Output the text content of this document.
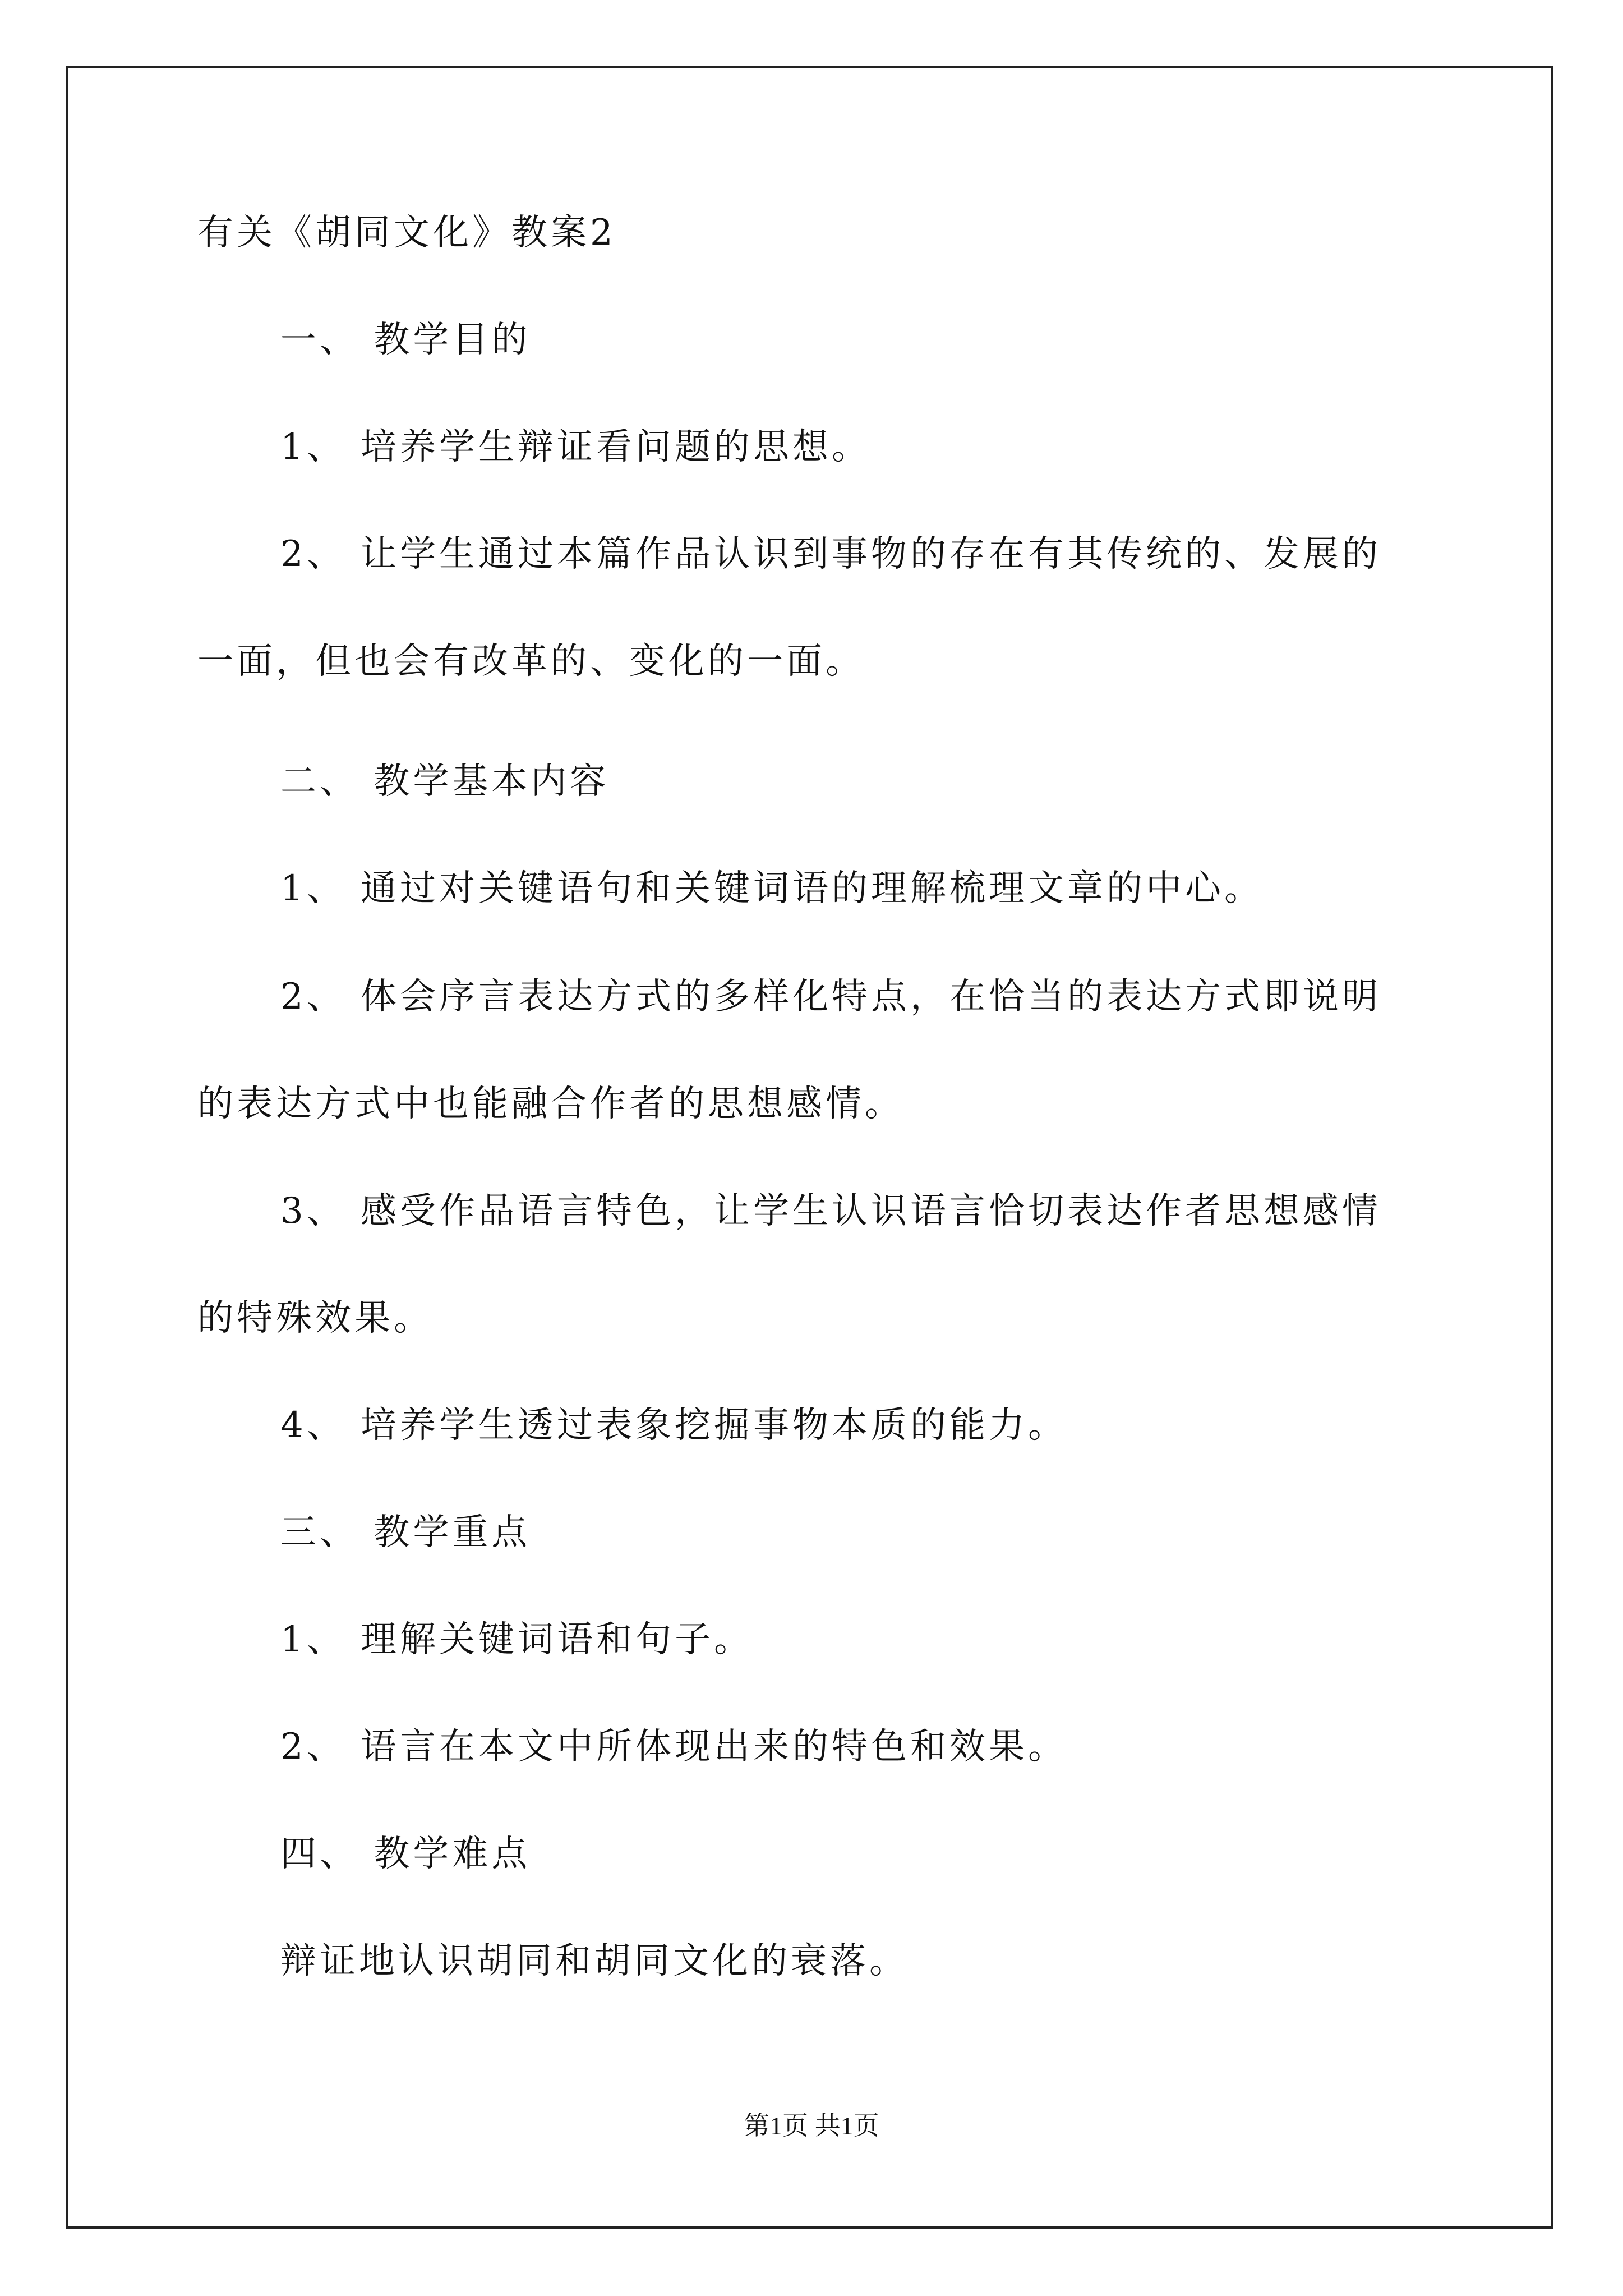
有关《胡同文化》教案2
一、 教学目的
1、 培养学生辩证看问题的思想。
2、 让学生通过本篇作品认识到事物的存在有其传统的、发展的
一面，但也会有改革的、变化的一面。
二、 教学基本内容
1、 通过对关键语句和关键词语的理解梳理文章的中心。
2、 体会序言表达方式的多样化特点，在恰当的表达方式即说明
的表达方式中也能融合作者的思想感情。
3、 感受作品语言特色，让学生认识语言恰切表达作者思想感情
的特殊效果。
4、 培养学生透过表象挖掘事物本质的能力。
三、 教学重点
1、 理解关键词语和句子。
2、 语言在本文中所体现出来的特色和效果。
四、 教学难点
辩证地认识胡同和胡同文化的衰落。
第1页 共1页
